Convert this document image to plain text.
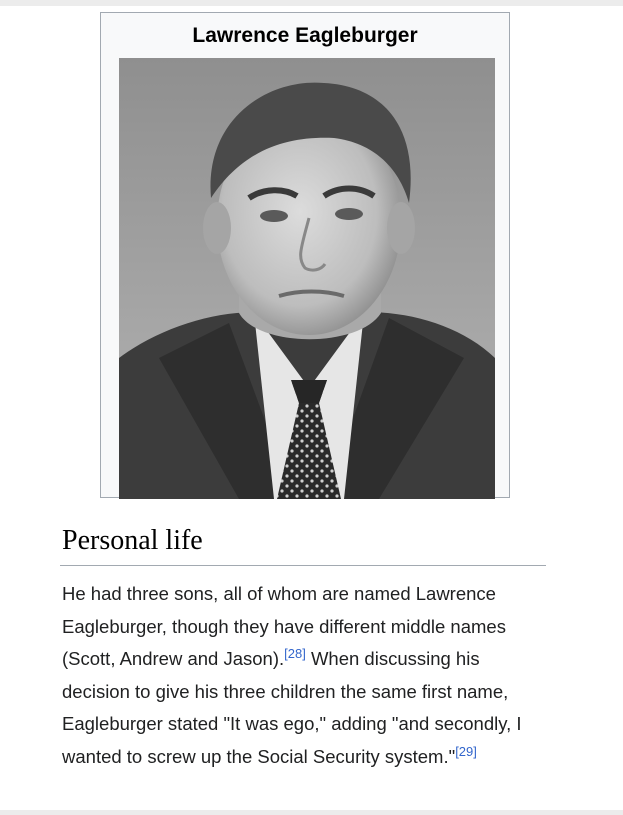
Lawrence Eagleburger
Personal life

He had three sons, all of whom are named Lawrence Eagleburger, though they have different middle names (Scott, Andrew and Jason).[28] When discussing his decision to give his three children the same first name, Eagleburger stated "It was ego," adding "and secondly, I wanted to screw up the Social Security system."[29]
